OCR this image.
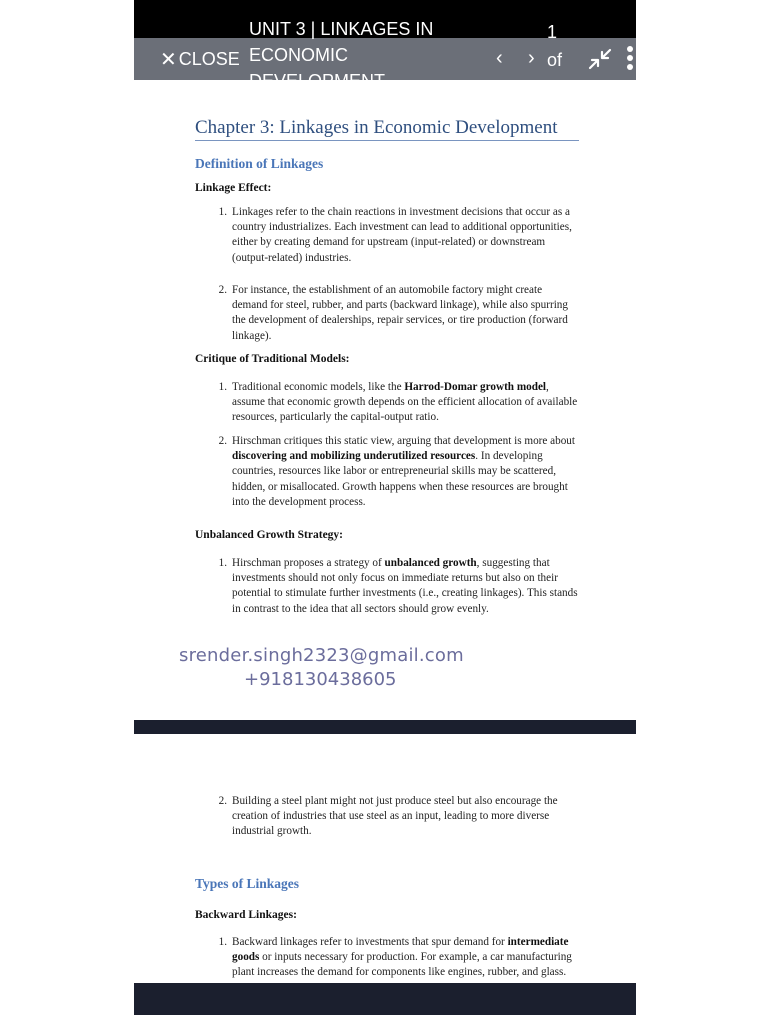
✕ CLOSE
UNIT 3 | LINKAGES IN ECONOMIC	‹ ›
1 of
Chapter 3: Linkages in Economic Development
Definition of Linkages
Linkage Effect:
1. Linkages refer to the chain reactions in investment decisions that occur as a country industrializes. Each investment can lead to additional opportunities, either by creating demand for upstream (input-related) or downstream (output-related) industries.
2. For instance, the establishment of an automobile factory might create demand for steel, rubber, and parts (backward linkage), while also spurring the development of dealerships, repair services, or tire production (forward linkage).
Critique of Traditional Models:
1. Traditional economic models, like the Harrod-Domar growth model, assume that economic growth depends on the efficient allocation of available resources, particularly the capital-output ratio.
2. Hirschman critiques this static view, arguing that development is more about discovering and mobilizing underutilized resources. In developing countries, resources like labor or entrepreneurial skills may be scattered, hidden, or misallocated. Growth happens when these resources are brought into the development process.
Unbalanced Growth Strategy:
1. Hirschman proposes a strategy of unbalanced growth, suggesting that investments should not only focus on immediate returns but also on their potential to stimulate further investments (i.e., creating linkages). This stands in contrast to the idea that all sectors should grow evenly.
srender.singh2323@gmail.com
+918130438605
2. Building a steel plant might not just produce steel but also encourage the creation of industries that use steel as an input, leading to more diverse industrial growth.
Types of Linkages
Backward Linkages:
1. Backward linkages refer to investments that spur demand for intermediate goods or inputs necessary for production. For example, a car manufacturing plant increases the demand for components like engines, rubber, and glass.
